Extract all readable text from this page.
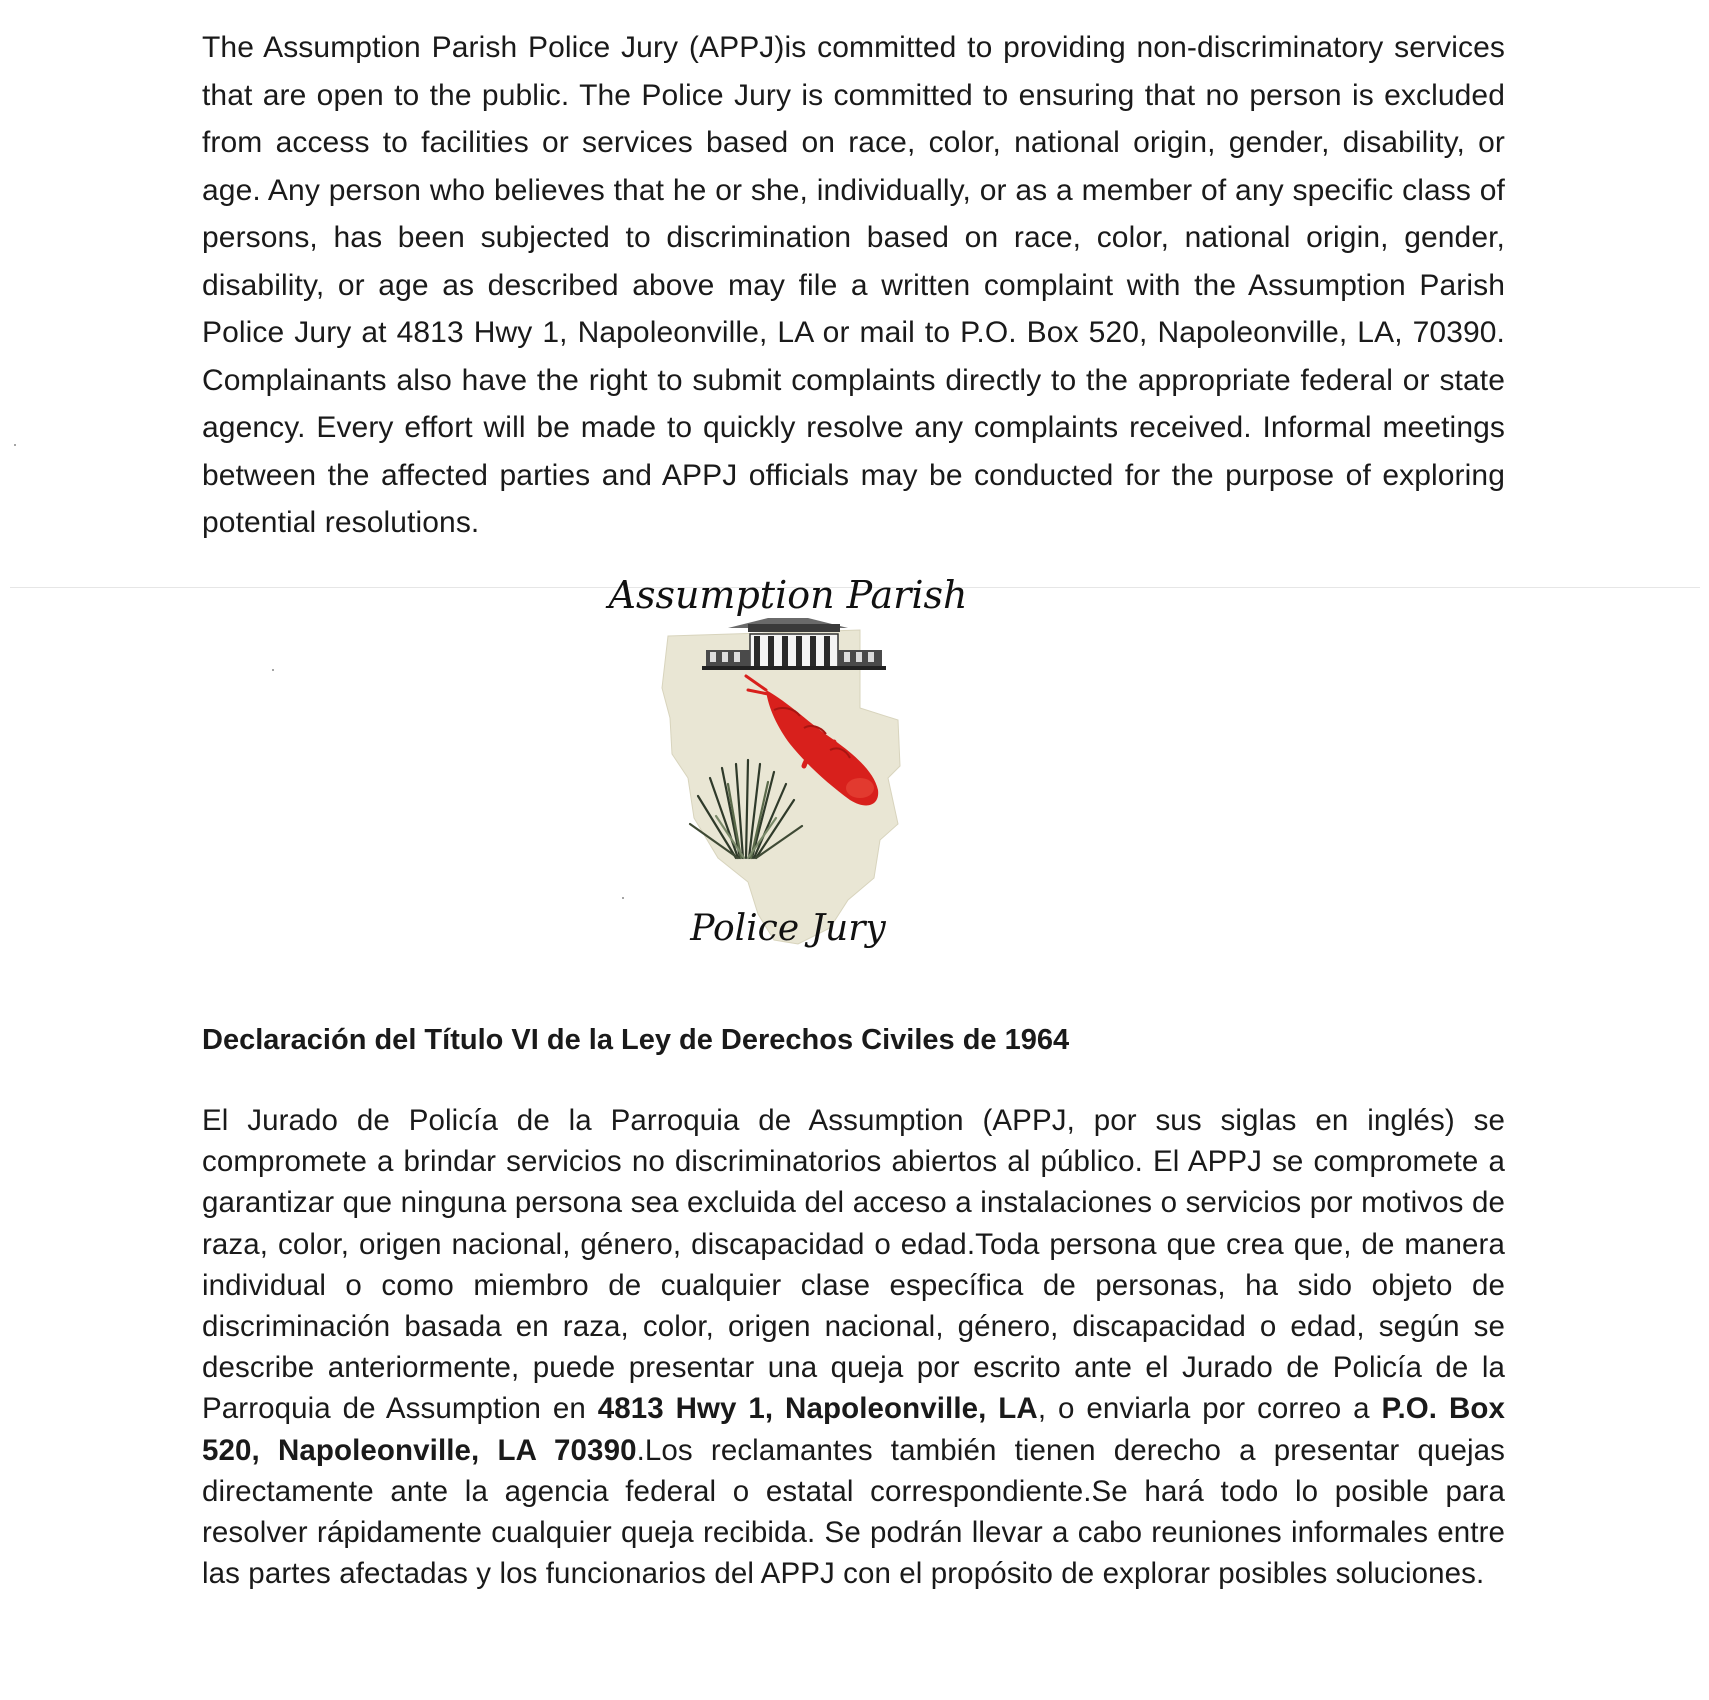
The Assumption Parish Police Jury (APPJ)is committed to providing non-discriminatory services that are open to the public. The Police Jury is committed to ensuring that no person is excluded from access to facilities or services based on race, color, national origin, gender, disability, or age. Any person who believes that he or she, individually, or as a member of any specific class of persons, has been subjected to discrimination based on race, color, national origin, gender, disability, or age as described above may file a written complaint with the Assumption Parish Police Jury at 4813 Hwy 1, Napoleonville, LA or mail to P.O. Box 520, Napoleonville, LA, 70390. Complainants also have the right to submit complaints directly to the appropriate federal or state agency. Every effort will be made to quickly resolve any complaints received. Informal meetings between the affected parties and APPJ officials may be conducted for the purpose of exploring potential resolutions.

Assumption Parish
Police Jury
Declaración del Título VI de la Ley de Derechos Civiles de 1964

El Jurado de Policía de la Parroquia de Assumption (APPJ, por sus siglas en inglés) se compromete a brindar servicios no discriminatorios abiertos al público. El APPJ se compromete a garantizar que ninguna persona sea excluida del acceso a instalaciones o servicios por motivos de raza, color, origen nacional, género, discapacidad o edad.Toda persona que crea que, de manera individual o como miembro de cualquier clase específica de personas, ha sido objeto de discriminación basada en raza, color, origen nacional, género, discapacidad o edad, según se describe anteriormente, puede presentar una queja por escrito ante el Jurado de Policía de la Parroquia de Assumption en 4813 Hwy 1, Napoleonville, LA, o enviarla por correo a P.O. Box 520, Napoleonville, LA 70390.Los reclamantes también tienen derecho a presentar quejas directamente ante la agencia federal o estatal correspondiente.Se hará todo lo posible para resolver rápidamente cualquier queja recibida. Se podrán llevar a cabo reuniones informales entre las partes afectadas y los funcionarios del APPJ con el propósito de explorar posibles soluciones.
